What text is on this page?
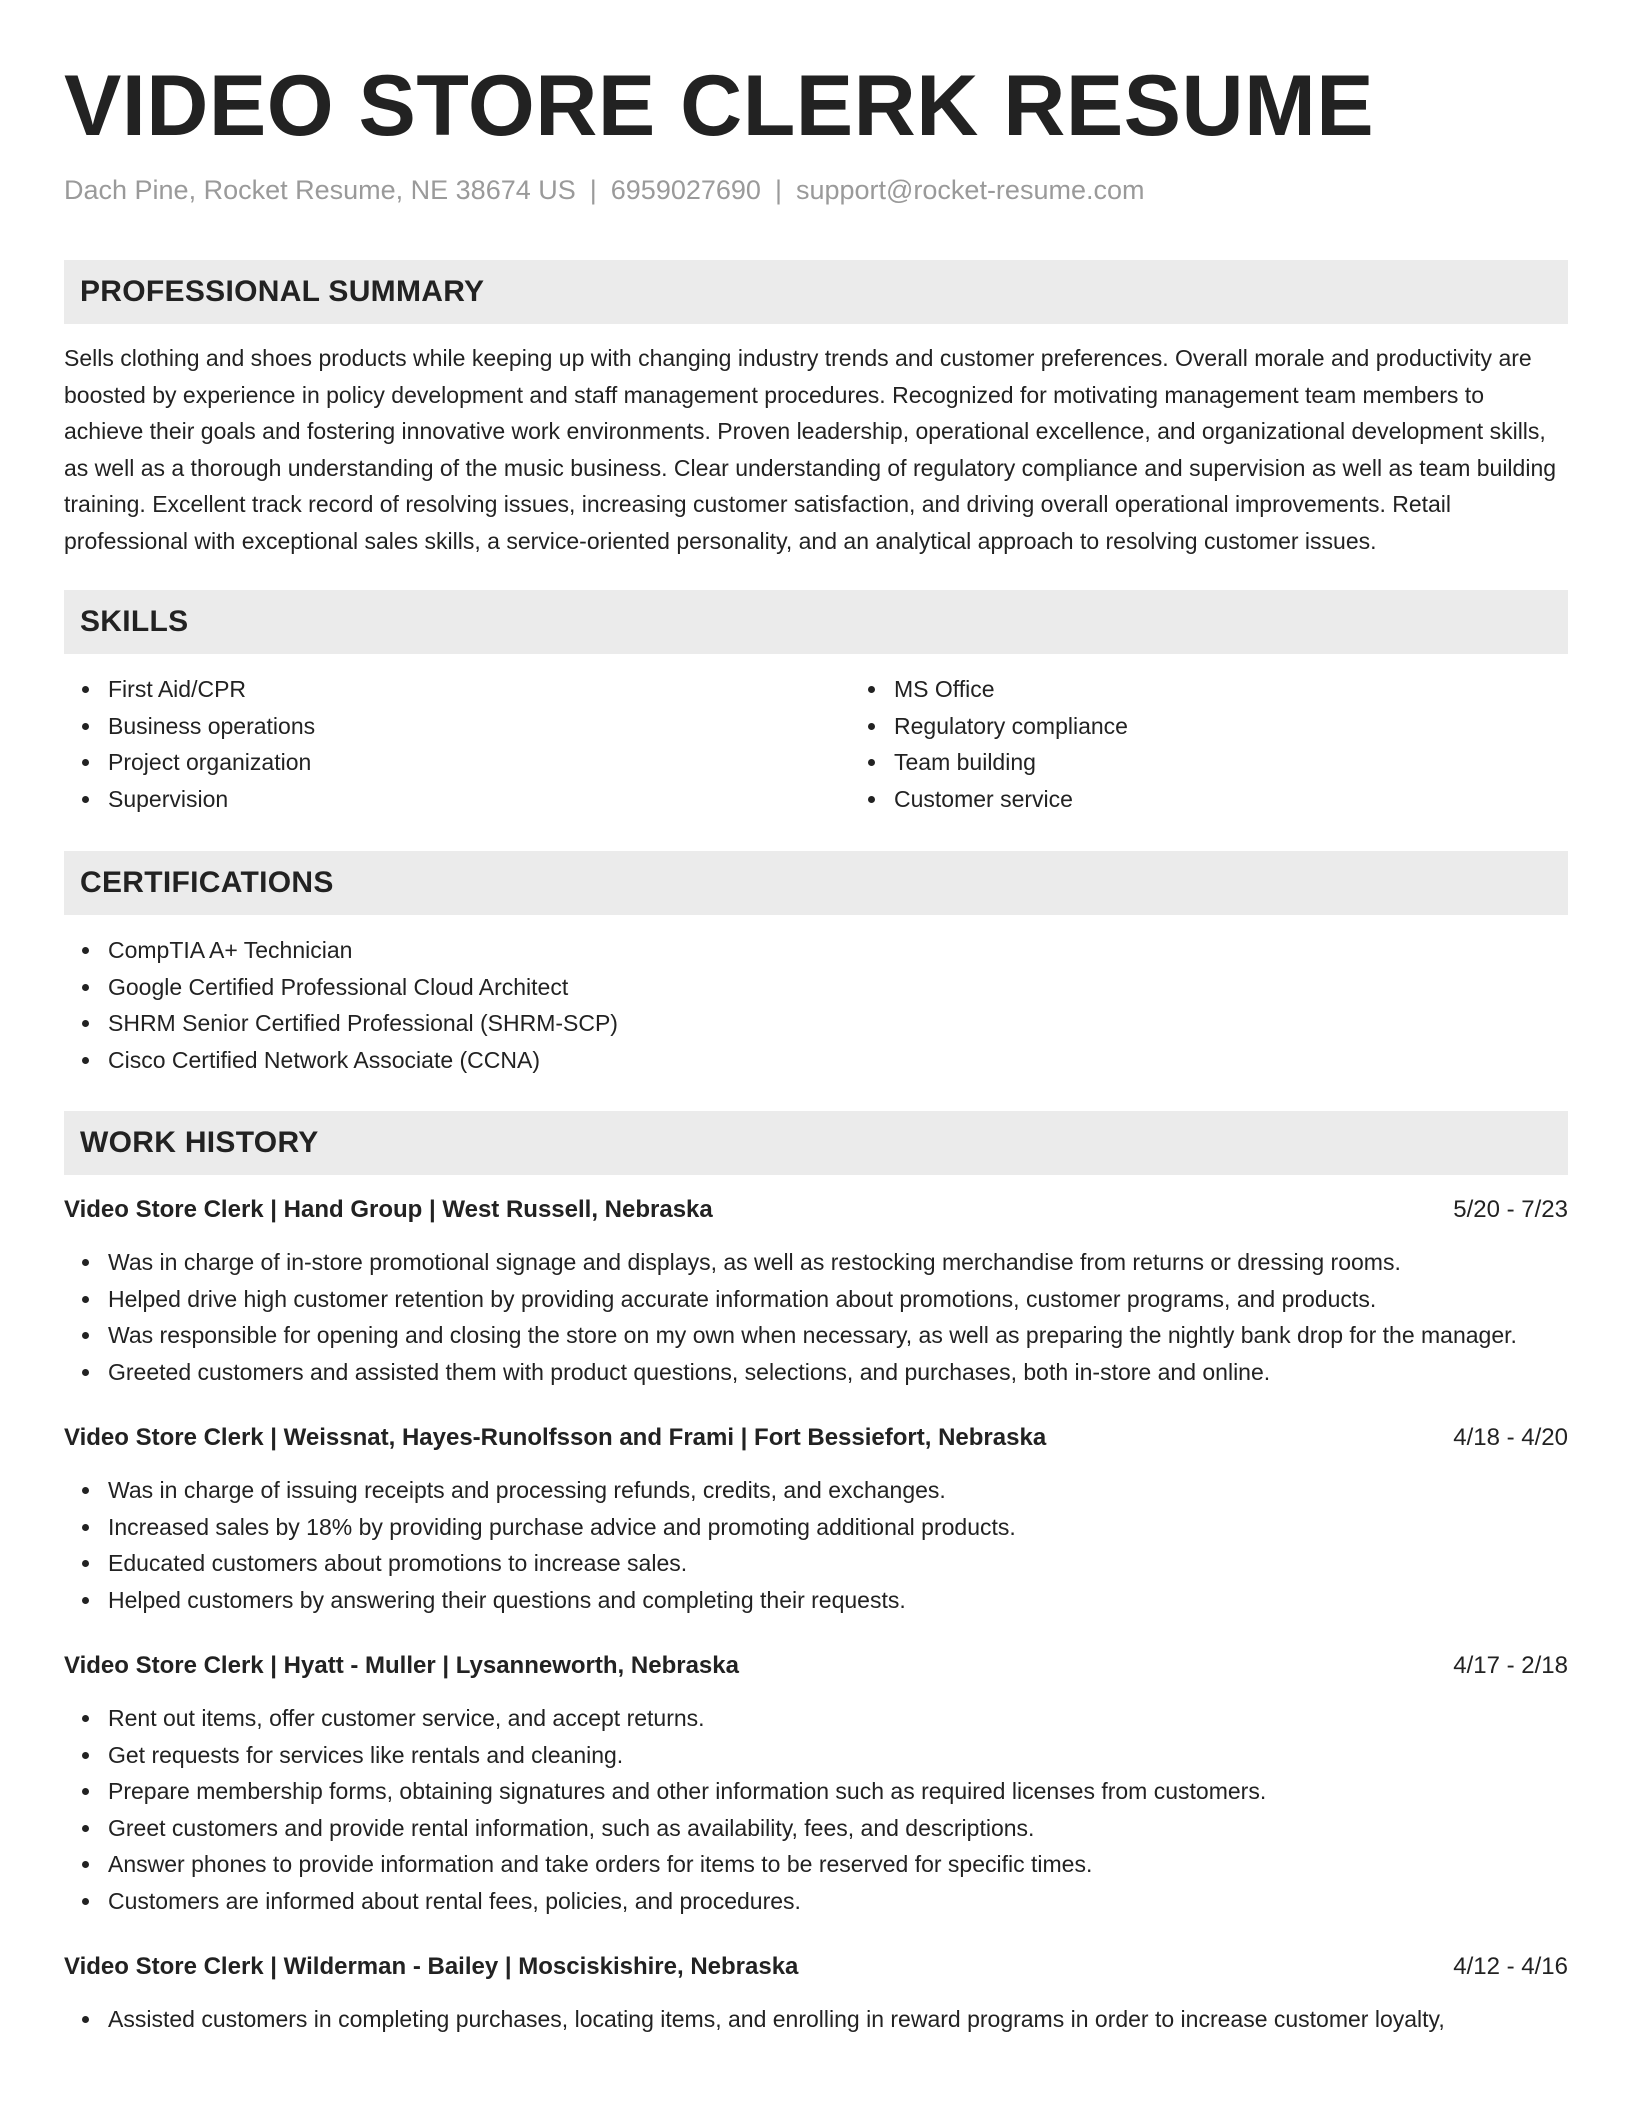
VIDEO STORE CLERK RESUME
Dach Pine, Rocket Resume, NE 38674 US | 6959027690 | support@rocket-resume.com
PROFESSIONAL SUMMARY

Sells clothing and shoes products while keeping up with changing industry trends and customer preferences. Overall morale and productivity are boosted by experience in policy development and staff management procedures. Recognized for motivating management team members to achieve their goals and fostering innovative work environments. Proven leadership, operational excellence, and organizational development skills, as well as a thorough understanding of the music business. Clear understanding of regulatory compliance and supervision as well as team building training. Excellent track record of resolving issues, increasing customer satisfaction, and driving overall operational improvements. Retail professional with exceptional sales skills, a service-oriented personality, and an analytical approach to resolving customer issues.

SKILLS
First Aid/CPR
Business operations
Project organization
Supervision
MS Office
Regulatory compliance
Team building
Customer service
CERTIFICATIONS
CompTIA A+ Technician
Google Certified Professional Cloud Architect
SHRM Senior Certified Professional (SHRM-SCP)
Cisco Certified Network Associate (CCNA)
WORK HISTORY
Video Store Clerk | Hand Group | West Russell, Nebraska	5/20 - 7/23
Was in charge of in-store promotional signage and displays, as well as restocking merchandise from returns or dressing rooms.
Helped drive high customer retention by providing accurate information about promotions, customer programs, and products.
Was responsible for opening and closing the store on my own when necessary, as well as preparing the nightly bank drop for the manager.
Greeted customers and assisted them with product questions, selections, and purchases, both in-store and online.
Video Store Clerk | Weissnat, Hayes-Runolfsson and Frami | Fort Bessiefort, Nebraska	4/18 - 4/20
Was in charge of issuing receipts and processing refunds, credits, and exchanges.
Increased sales by 18% by providing purchase advice and promoting additional products.
Educated customers about promotions to increase sales.
Helped customers by answering their questions and completing their requests.
Video Store Clerk | Hyatt - Muller | Lysanneworth, Nebraska	4/17 - 2/18
Rent out items, offer customer service, and accept returns.
Get requests for services like rentals and cleaning.
Prepare membership forms, obtaining signatures and other information such as required licenses from customers.
Greet customers and provide rental information, such as availability, fees, and descriptions.
Answer phones to provide information and take orders for items to be reserved for specific times.
Customers are informed about rental fees, policies, and procedures.
Video Store Clerk | Wilderman - Bailey | Mosciskishire, Nebraska	4/12 - 4/16
Assisted customers in completing purchases, locating items, and enrolling in reward programs in order to increase customer loyalty,
